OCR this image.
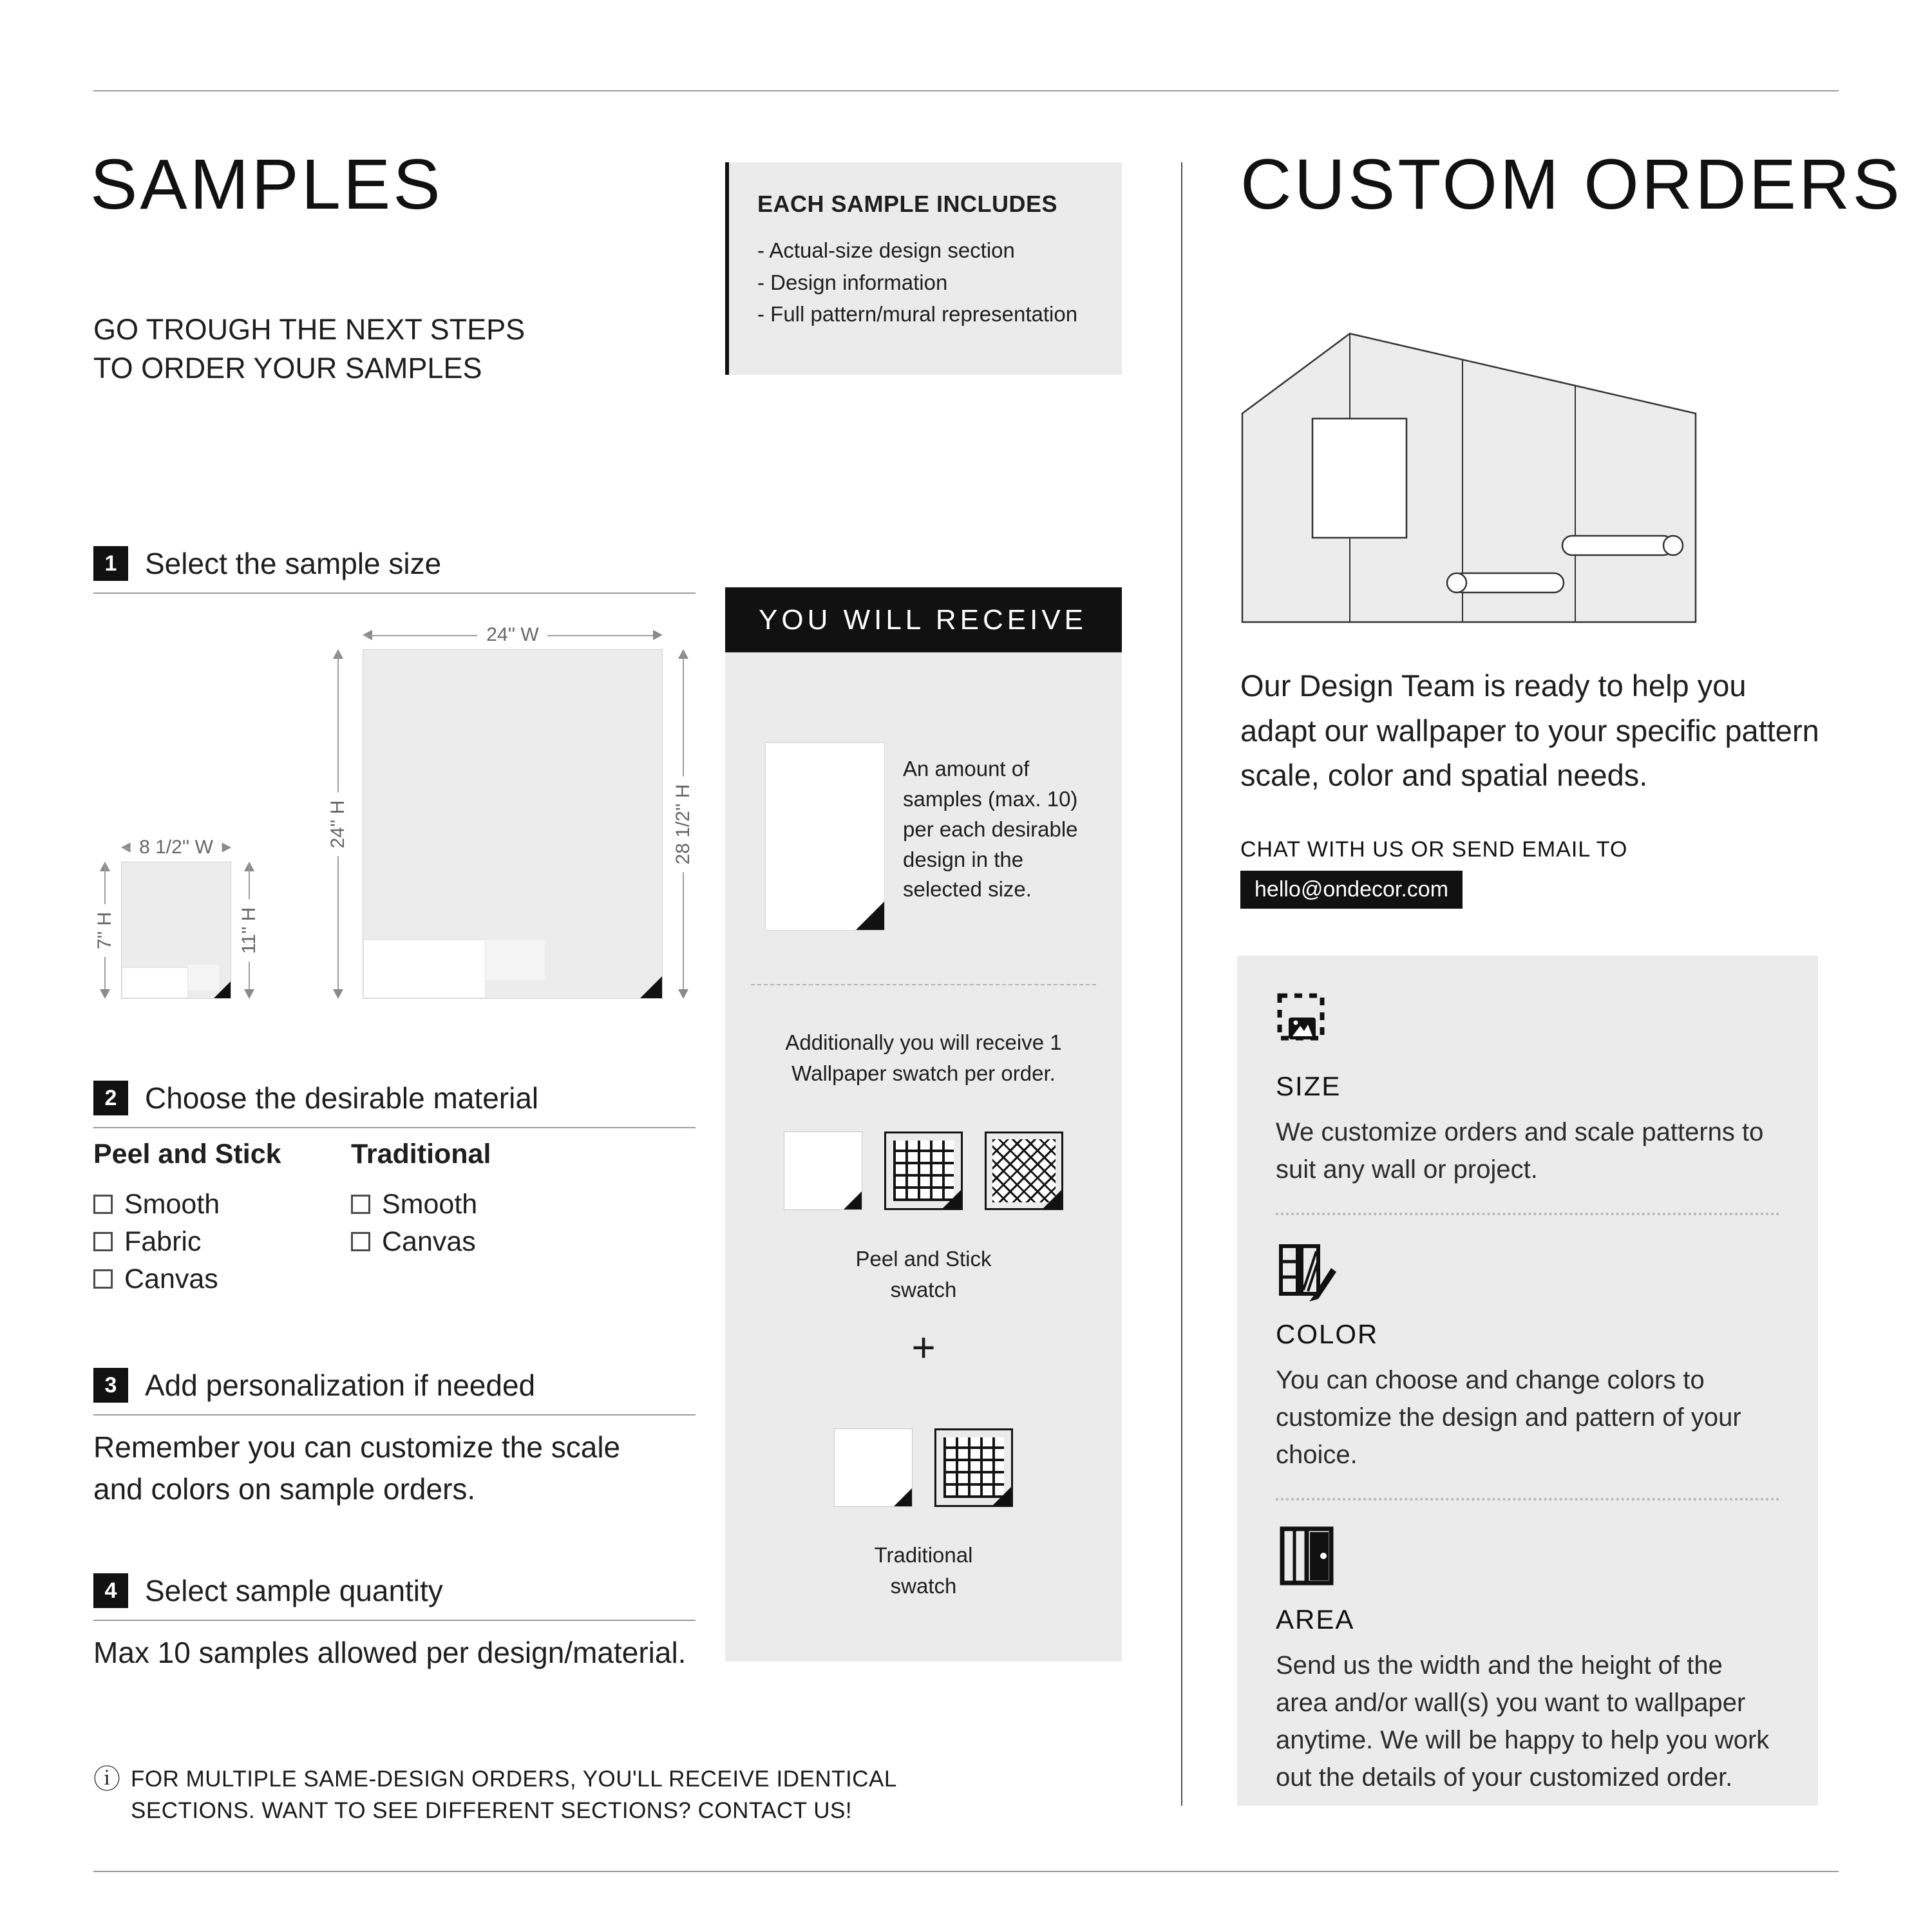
SAMPLES
GO TROUGH THE NEXT STEPS
TO ORDER YOUR SAMPLES
1 Select the sample size
24'' W
24'' H	28 1/2'' H
8 1/2'' W
7'' H	11'' H
2 Choose the desirable material
Peel and Stick
Smooth
Fabric
Canvas
Traditional
Smooth
Canvas
3 Add personalization if needed
Remember you can customize the scale and colors on sample orders.
4 Select sample quantity
Max 10 samples allowed per design/material.
ⓘ FOR MULTIPLE SAME-DESIGN ORDERS, YOU'LL RECEIVE IDENTICAL SECTIONS. WANT TO SEE DIFFERENT SECTIONS? CONTACT US!
EACH SAMPLE INCLUDES
- Actual-size design section
- Design information
- Full pattern/mural representation
YOU WILL RECEIVE
An amount of samples (max. 10) per each desirable design in the selected size.
Additionally you will receive 1 Wallpaper swatch per order.
Peel and Stick swatch
+
Traditional swatch
CUSTOM ORDERS
Our Design Team is ready to help you adapt our wallpaper to your specific pattern scale, color and spatial needs.
CHAT WITH US OR SEND EMAIL TO
hello@ondecor.com
SIZE
We customize orders and scale patterns to suit any wall or project.
COLOR
You can choose and change colors to customize the design and pattern of your choice.
AREA
Send us the width and the height of the area and/or wall(s) you want to wallpaper anytime. We will be happy to help you work out the details of your customized order.
